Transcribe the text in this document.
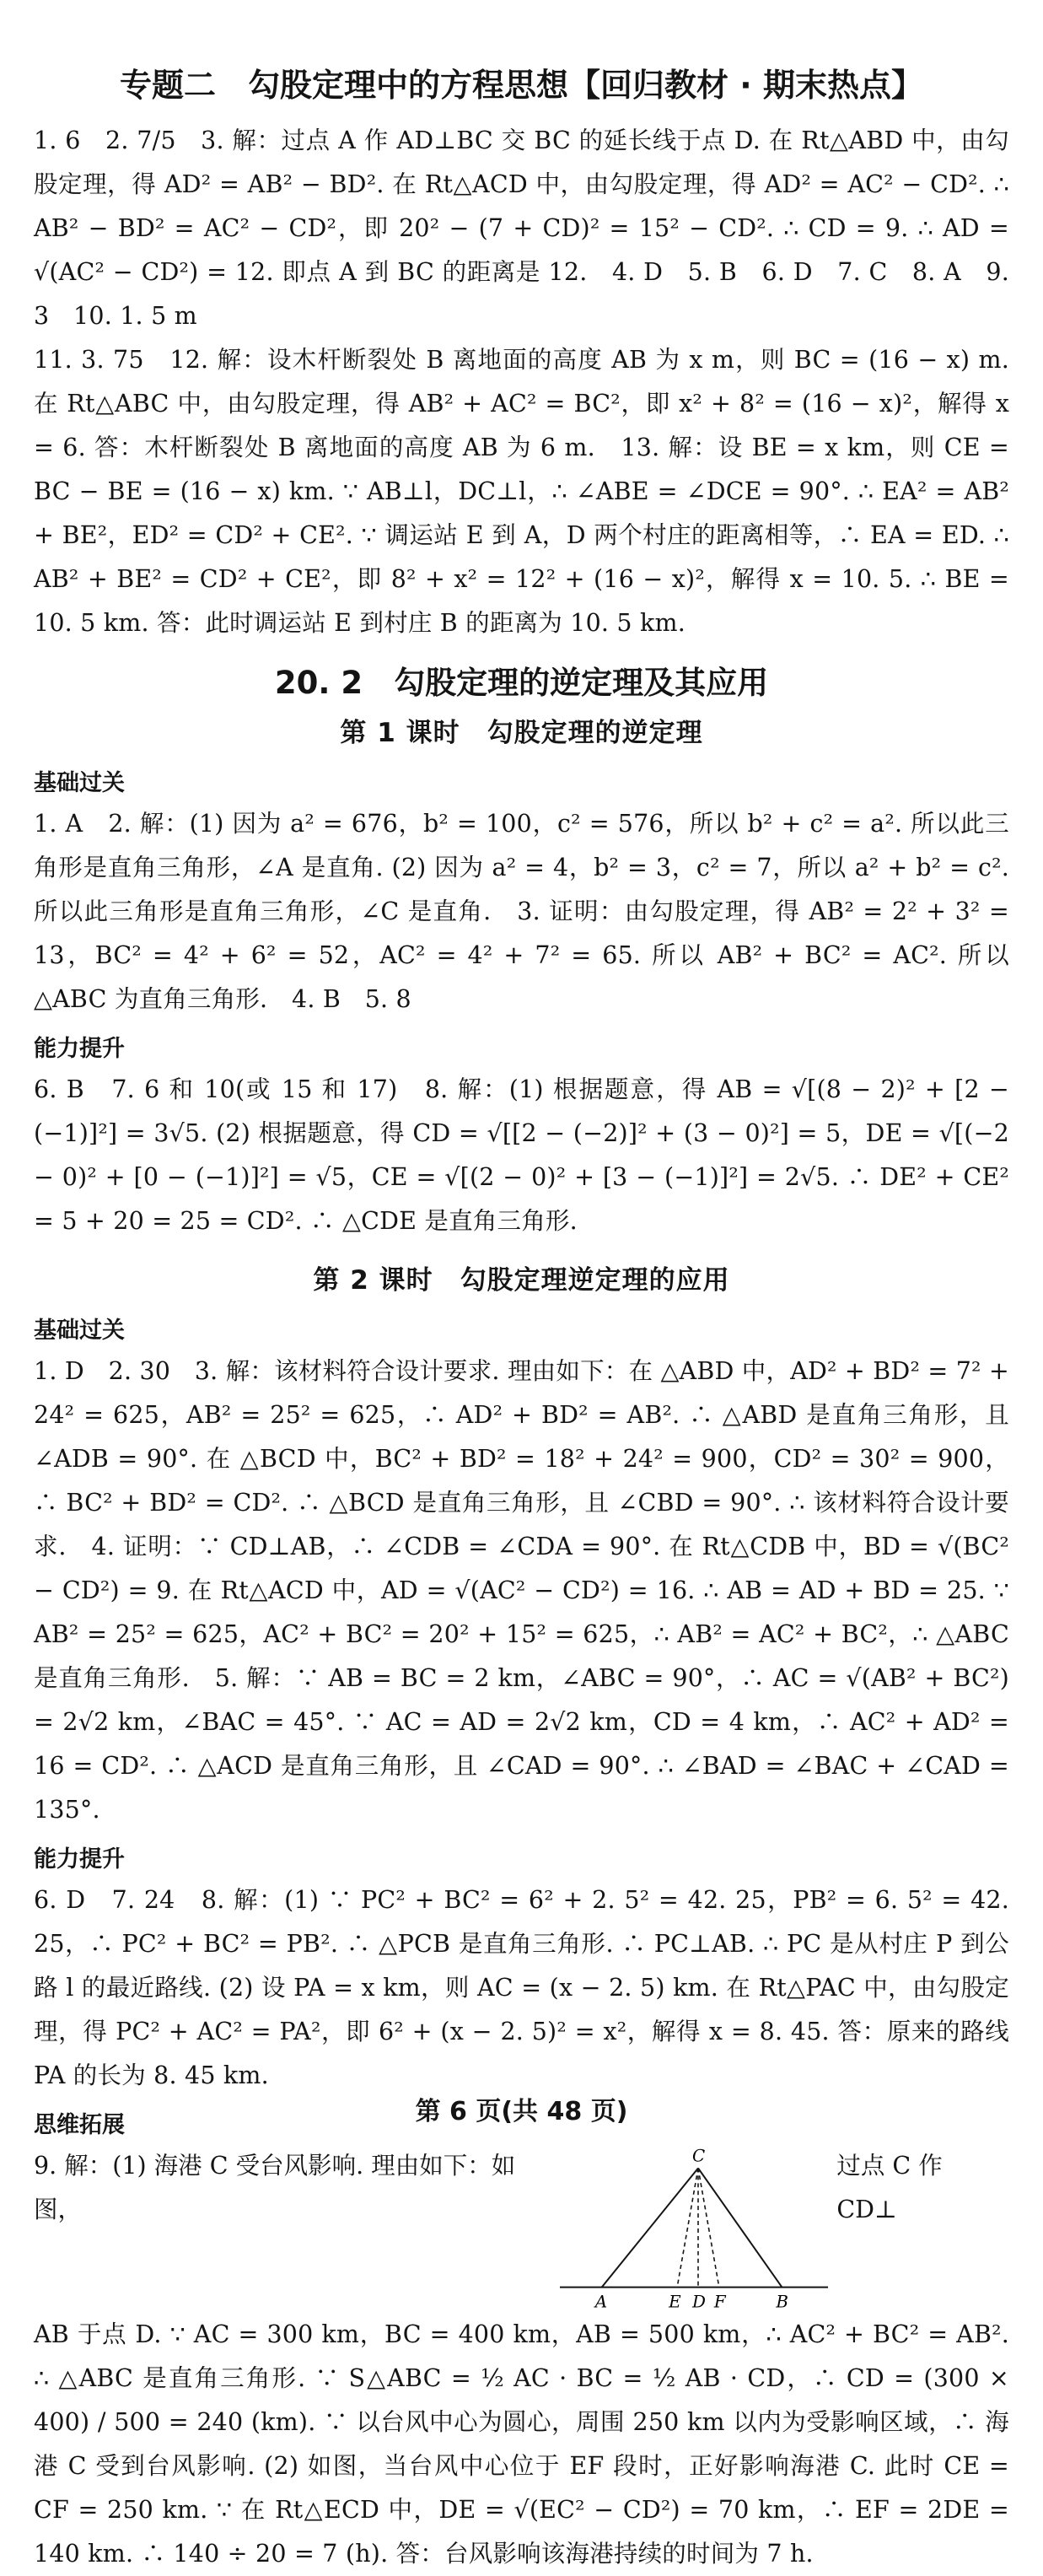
专题二　勾股定理中的方程思想【回归教材 · 期末热点】

1. 6　2. 7/5　3. 解：过点 A 作 AD⊥BC 交 BC 的延长线于点 D. 在 Rt△ABD 中，由勾股定理，得 AD² = AB² − BD². 在 Rt△ACD 中，由勾股定理，得 AD² = AC² − CD². ∴ AB² − BD² = AC² − CD²，即 20² − (7 + CD)² = 15² − CD². ∴ CD = 9. ∴ AD = √(AC² − CD²) = 12. 即点 A 到 BC 的距离是 12.　4. D　5. B　6. D　7. C　8. A　9. 3　10. 1. 5 m

11. 3. 75　12. 解：设木杆断裂处 B 离地面的高度 AB 为 x m，则 BC = (16 − x) m. 在 Rt△ABC 中，由勾股定理，得 AB² + AC² = BC²，即 x² + 8² = (16 − x)²，解得 x = 6. 答：木杆断裂处 B 离地面的高度 AB 为 6 m.　13. 解：设 BE = x km，则 CE = BC − BE = (16 − x) km. ∵ AB⊥l，DC⊥l，∴ ∠ABE = ∠DCE = 90°. ∴ EA² = AB² + BE²，ED² = CD² + CE². ∵ 调运站 E 到 A，D 两个村庄的距离相等，∴ EA = ED. ∴ AB² + BE² = CD² + CE²，即 8² + x² = 12² + (16 − x)²，解得 x = 10. 5. ∴ BE = 10. 5 km. 答：此时调运站 E 到村庄 B 的距离为 10. 5 km.

20. 2　勾股定理的逆定理及其应用
第 1 课时　勾股定理的逆定理
基础过关
1. A　2. 解：(1) 因为 a² = 676，b² = 100，c² = 576，所以 b² + c² = a². 所以此三角形是直角三角形，∠A 是直角. (2) 因为 a² = 4，b² = 3，c² = 7，所以 a² + b² = c². 所以此三角形是直角三角形，∠C 是直角.　3. 证明：由勾股定理，得 AB² = 2² + 3² = 13，BC² = 4² + 6² = 52，AC² = 4² + 7² = 65. 所以 AB² + BC² = AC². 所以 △ABC 为直角三角形.　4. B　5. 8
能力提升
6. B　7. 6 和 10(或 15 和 17)　8. 解：(1) 根据题意，得 AB = √[(8 − 2)² + [2 − (−1)]²] = 3√5. (2) 根据题意，得 CD = √[[2 − (−2)]² + (3 − 0)²] = 5，DE = √[(−2 − 0)² + [0 − (−1)]²] = √5，CE = √[(2 − 0)² + [3 − (−1)]²] = 2√5. ∴ DE² + CE² = 5 + 20 = 25 = CD². ∴ △CDE 是直角三角形.
第 2 课时　勾股定理逆定理的应用
基础过关
1. D　2. 30　3. 解：该材料符合设计要求. 理由如下：在 △ABD 中，AD² + BD² = 7² + 24² = 625，AB² = 25² = 625，∴ AD² + BD² = AB². ∴ △ABD 是直角三角形，且 ∠ADB = 90°. 在 △BCD 中，BC² + BD² = 18² + 24² = 900，CD² = 30² = 900，∴ BC² + BD² = CD². ∴ △BCD 是直角三角形，且 ∠CBD = 90°. ∴ 该材料符合设计要求.　4. 证明：∵ CD⊥AB，∴ ∠CDB = ∠CDA = 90°. 在 Rt△CDB 中，BD = √(BC² − CD²) = 9. 在 Rt△ACD 中，AD = √(AC² − CD²) = 16. ∴ AB = AD + BD = 25. ∵ AB² = 25² = 625，AC² + BC² = 20² + 15² = 625，∴ AB² = AC² + BC²，∴ △ABC 是直角三角形.　5. 解：∵ AB = BC = 2 km，∠ABC = 90°，∴ AC = √(AB² + BC²) = 2√2 km，∠BAC = 45°. ∵ AC = AD = 2√2 km，CD = 4 km，∴ AC² + AD² = 16 = CD². ∴ △ACD 是直角三角形，且 ∠CAD = 90°. ∴ ∠BAD = ∠BAC + ∠CAD = 135°.
能力提升
6. D　7. 24　8. 解：(1) ∵ PC² + BC² = 6² + 2. 5² = 42. 25，PB² = 6. 5² = 42. 25，∴ PC² + BC² = PB². ∴ △PCB 是直角三角形. ∴ PC⊥AB. ∴ PC 是从村庄 P 到公路 l 的最近路线. (2) 设 PA = x km，则 AC = (x − 2. 5) km. 在 Rt△PAC 中，由勾股定理，得 PC² + AC² = PA²，即 6² + (x − 2. 5)² = x²，解得 x = 8. 45. 答：原来的路线 PA 的长为 8. 45 km.
思维拓展
9. 解：(1) 海港 C 受台风影响. 理由如下：如图，
C
A	E D F	B
过点 C 作 CD⊥
AB 于点 D. ∵ AC = 300 km，BC = 400 km，AB = 500 km，∴ AC² + BC² = AB². ∴ △ABC 是直角三角形. ∵ S△ABC = ½ AC · BC = ½ AB · CD，∴ CD = (300 × 400) / 500 = 240 (km). ∵ 以台风中心为圆心，周围 250 km 以内为受影响区域，∴ 海港 C 受到台风影响. (2) 如图，当台风中心位于 EF 段时，正好影响海港 C. 此时 CE = CF = 250 km. ∵ 在 Rt△ECD 中，DE = √(EC² − CD²) = 70 km，∴ EF = 2DE = 140 km. ∴ 140 ÷ 20 = 7 (h). 答：台风影响该海港持续的时间为 7 h.
第 6 页(共 48 页)
